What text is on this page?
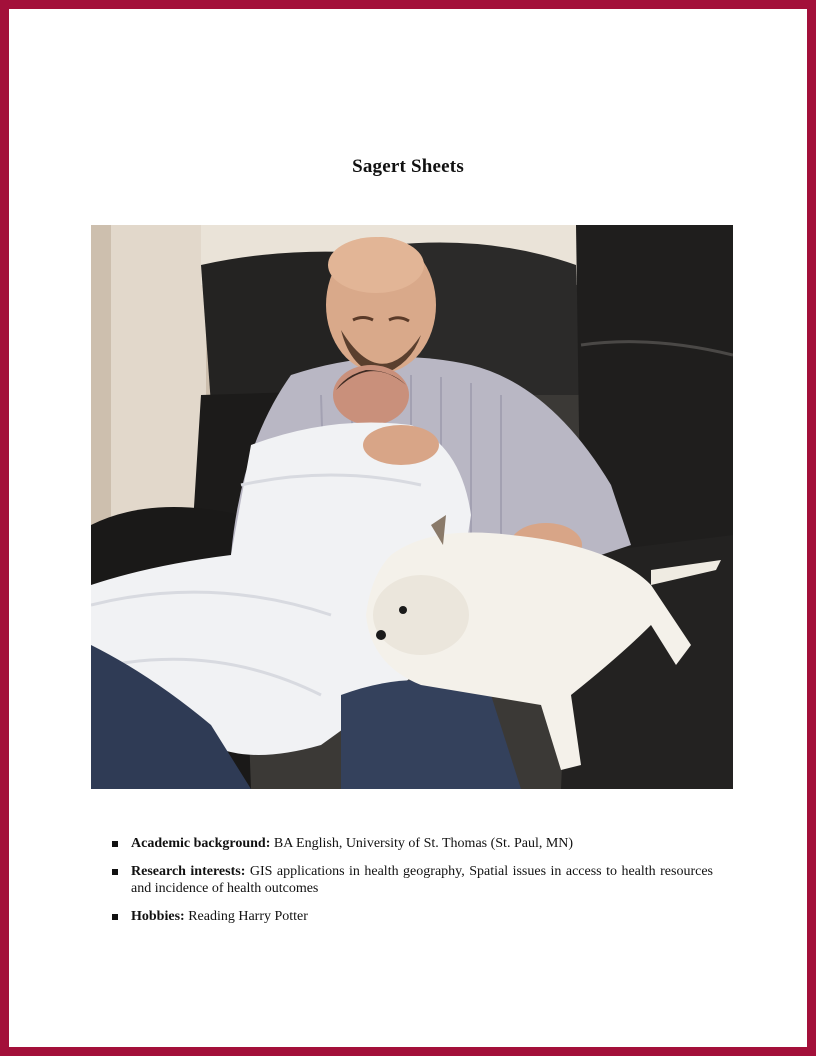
Sagert Sheets
Academic background: BA English, University of St. Thomas (St. Paul, MN)
Research interests: GIS applications in health geography, Spatial issues in access to health resources and incidence of health outcomes
Hobbies: Reading Harry Potter
